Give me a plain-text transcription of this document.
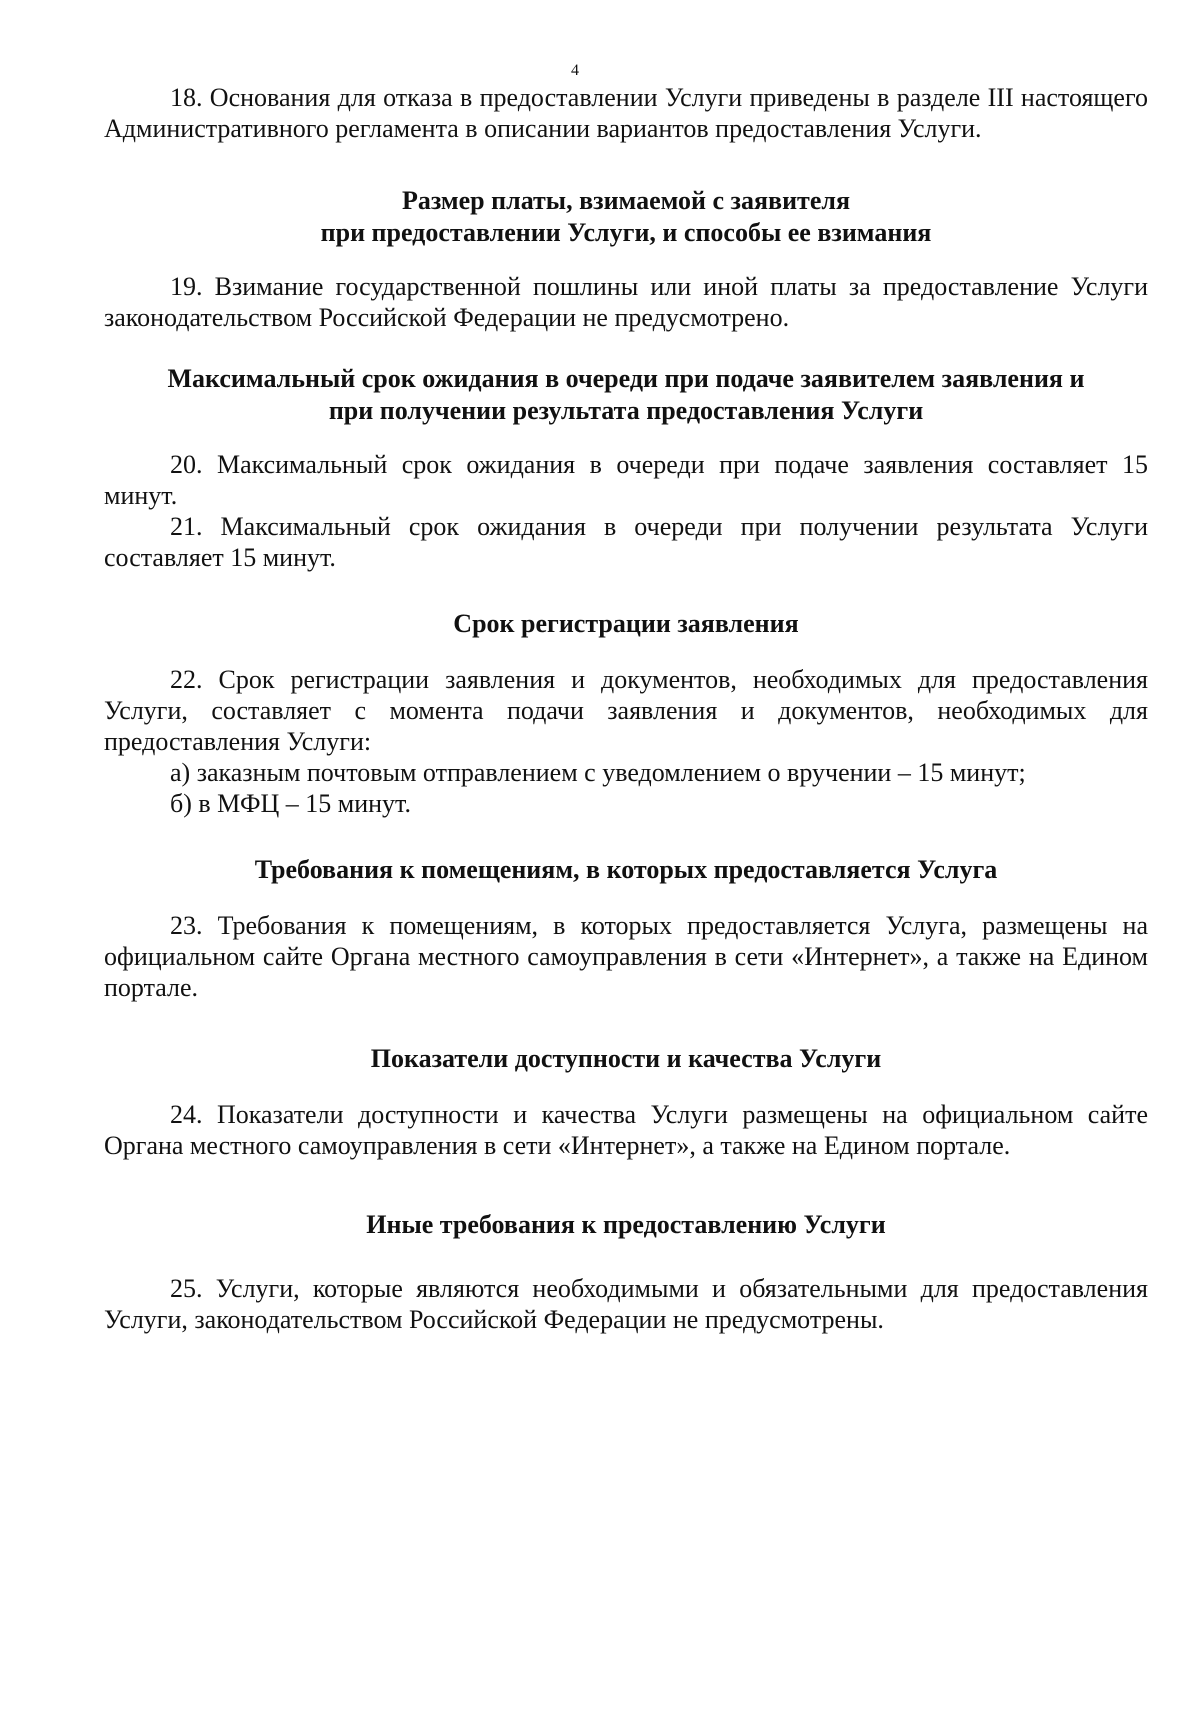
4

18. Основания для отказа в предоставлении Услуги приведены в разделе III настоящего Административного регламента в описании вариантов предоставления Услуги.

Размер платы, взимаемой с заявителя
при предоставлении Услуги, и способы ее взимания

19. Взимание государственной пошлины или иной платы за предоставление Услуги законодательством Российской Федерации не предусмотрено.

Максимальный срок ожидания в очереди при подаче заявителем заявления и
при получении результата предоставления Услуги

20. Максимальный срок ожидания в очереди при подаче заявления составляет 15 минут.

21. Максимальный срок ожидания в очереди при получении результата Услуги составляет 15 минут.

Срок регистрации заявления

22. Срок регистрации заявления и документов, необходимых для предоставления Услуги, составляет с момента подачи заявления и документов, необходимых для предоставления Услуги:

а) заказным почтовым отправлением с уведомлением о вручении – 15 минут;

б) в МФЦ – 15 минут.

Требования к помещениям, в которых предоставляется Услуга

23. Требования к помещениям, в которых предоставляется Услуга, размещены на официальном сайте Органа местного самоуправления в сети «Интернет», а также на Едином портале.

Показатели доступности и качества Услуги

24. Показатели доступности и качества Услуги размещены на официальном сайте Органа местного самоуправления в сети «Интернет», а также на Едином портале.

Иные требования к предоставлению Услуги

25. Услуги, которые являются необходимыми и обязательными для предоставления Услуги, законодательством Российской Федерации не предусмотрены.
